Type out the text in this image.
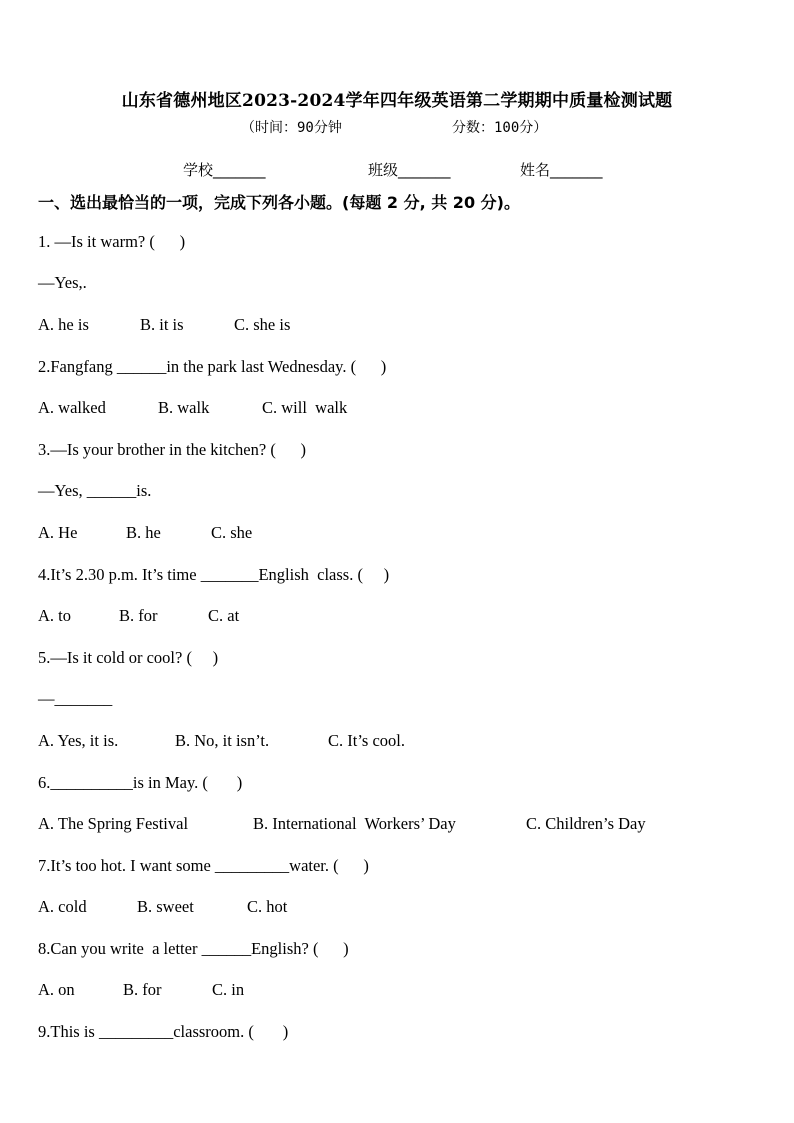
山东省德州地区2023-2024学年四年级英语第二学期期中质量检测试题
（时间：90分钟	分数：100分）
学校_______	班级_______	姓名_______
一、选出最恰当的一项，完成下列各小题。(每题 2 分, 共 20 分)。
1. —Is it warm? (      )
—Yes,.
A. he is	B. it is	C. she is
2.Fangfang ______in the park last Wednesday. (      )
A. walked	B. walk	C. will  walk
3.—Is your brother in the kitchen? (      )
—Yes, ______is.
A. He	B. he	C. she
4.It’s 2.30 p.m. It’s time _______English  class. (     )
A. to	B. for	C. at
5.—Is it cold or cool? (     )
—_______
A. Yes, it is.	B. No, it isn’t.	C. It’s cool.
6.__________is in May. (       )
A. The Spring Festival	B. International  Workers’ Day	C. Children’s Day
7.It’s too hot. I want some _________water. (      )
A. cold	B. sweet	C. hot
8.Can you write  a letter ______English? (      )
A. on	B. for	C. in
9.This is _________classroom. (       )
